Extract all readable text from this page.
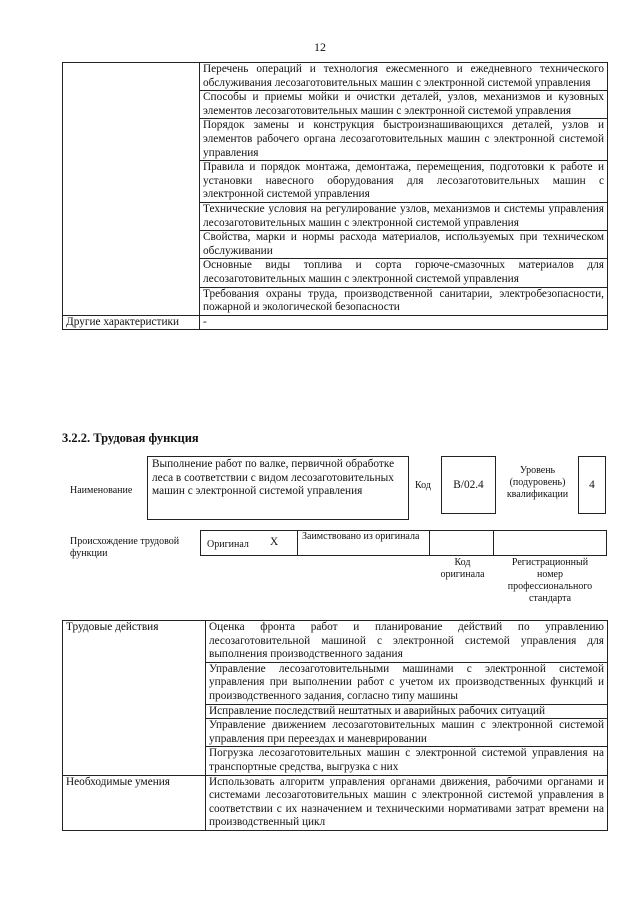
12
	Перечень операций и технология ежесменного и ежедневного технического обслуживания лесозаготовительных машин с электронной системой управления
	Способы и приемы мойки и очистки деталей, узлов, механизмов и кузовных элементов лесозаготовительных машин с электронной системой управления
	Порядок замены и конструкция быстроизнашивающихся деталей, узлов и элементов рабочего органа лесозаготовительных машин с электронной системой управления
	Правила и порядок монтажа, демонтажа, перемещения, подготовки к работе и установки навесного оборудования для лесозаготовительных машин с электронной системой управления
	Технические условия на регулирование узлов, механизмов и системы управления лесозаготовительных машин с электронной системой управления
	Свойства, марки и нормы расхода материалов, используемых при техническом обслуживании
	Основные виды топлива и сорта горюче-смазочных материалов для лесозаготовительных машин с электронной системой управления
	Требования охраны труда, производственной санитарии, электробезопасности, пожарной и экологической безопасности
Другие характеристики	-
3.2.2. Трудовая функция
Наименование
Выполнение работ по валке, первичной обработке леса в соответствии с видом лесозаготовительных машин с электронной системой управления	Код	B/02.4
Уровень (подуровень) квалификации
4
Происхождение трудовой функции
Оригинал X Заимствовано из оригинала
Код оригинала
Регистрационный номер профессионального стандарта
Трудовые действия	Оценка фронта работ и планирование действий по управлению лесозаготовительной машиной с электронной системой управления для выполнения производственного задания
	Управление лесозаготовительными машинами с электронной системой управления при выполнении работ с учетом их производственных функций и производственного задания, согласно типу машины
	Исправление последствий нештатных и аварийных рабочих ситуаций
	Управление движением лесозаготовительных машин с электронной системой управления при переездах и маневрировании
	Погрузка лесозаготовительных машин с электронной системой управления на транспортные средства, выгрузка с них
Необходимые умения	Использовать алгоритм управления органами движения, рабочими органами и системами лесозаготовительных машин с электронной системой управления в соответствии с их назначением и техническими нормативами затрат времени на производственный цикл
